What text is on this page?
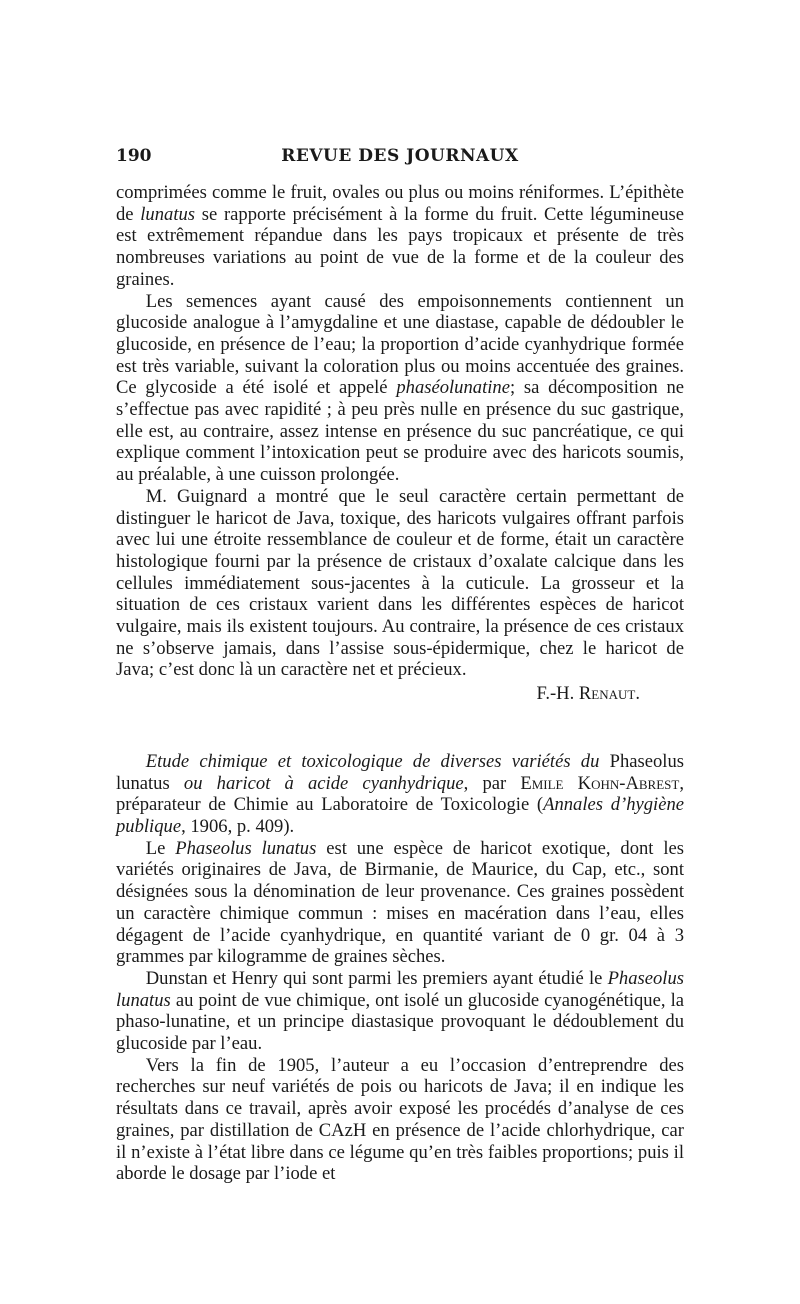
190	REVUE DES JOURNAUX

comprimées comme le fruit, ovales ou plus ou moins réniformes. L’épithète de lunatus se rapporte précisément à la forme du fruit. Cette légumineuse est extrêmement répandue dans les pays tropicaux et présente de très nombreuses variations au point de vue de la forme et de la couleur des graines.

Les semences ayant causé des empoisonnements contiennent un glucoside analogue à l’amygdaline et une diastase, capable de dédoubler le glucoside, en présence de l’eau; la proportion d’acide cyanhydrique formée est très variable, suivant la coloration plus ou moins accentuée des graines. Ce glycoside a été isolé et appelé phaséolunatine; sa décomposition ne s’effectue pas avec rapidité ; à peu près nulle en présence du suc gastrique, elle est, au contraire, assez intense en présence du suc pancréatique, ce qui explique comment l’intoxication peut se produire avec des haricots soumis, au préalable, à une cuisson prolongée.

M. Guignard a montré que le seul caractère certain permettant de distinguer le haricot de Java, toxique, des haricots vulgaires offrant parfois avec lui une étroite ressemblance de couleur et de forme, était un caractère histologique fourni par la présence de cristaux d’oxalate calcique dans les cellules immédiatement sous-jacentes à la cuticule. La grosseur et la situation de ces cristaux varient dans les différentes espèces de haricot vulgaire, mais ils existent toujours. Au contraire, la présence de ces cristaux ne s’observe jamais, dans l’assise sous-épidermique, chez le haricot de Java; c’est donc là un caractère net et précieux.

F.-H. Renaut.

Etude chimique et toxicologique de diverses variétés du Phaseolus lunatus ou haricot à acide cyanhydrique, par Emile Kohn-Abrest, préparateur de Chimie au Laboratoire de Toxicologie (Annales d’hygiène publique, 1906, p. 409).

Le Phaseolus lunatus est une espèce de haricot exotique, dont les variétés originaires de Java, de Birmanie, de Maurice, du Cap, etc., sont désignées sous la dénomination de leur provenance. Ces graines possèdent un caractère chimique commun : mises en macération dans l’eau, elles dégagent de l’acide cyanhydrique, en quantité variant de 0 gr. 04 à 3 grammes par kilogramme de graines sèches.

Dunstan et Henry qui sont parmi les premiers ayant étudié le Phaseolus lunatus au point de vue chimique, ont isolé un glucoside cyanogénétique, la phaso-lunatine, et un principe diastasique provoquant le dédoublement du glucoside par l’eau.

Vers la fin de 1905, l’auteur a eu l’occasion d’entreprendre des recherches sur neuf variétés de pois ou haricots de Java; il en indique les résultats dans ce travail, après avoir exposé les procédés d’analyse de ces graines, par distillation de CAzH en présence de l’acide chlorhydrique, car il n’existe à l’état libre dans ce légume qu’en très faibles proportions; puis il aborde le dosage par l’iode et
